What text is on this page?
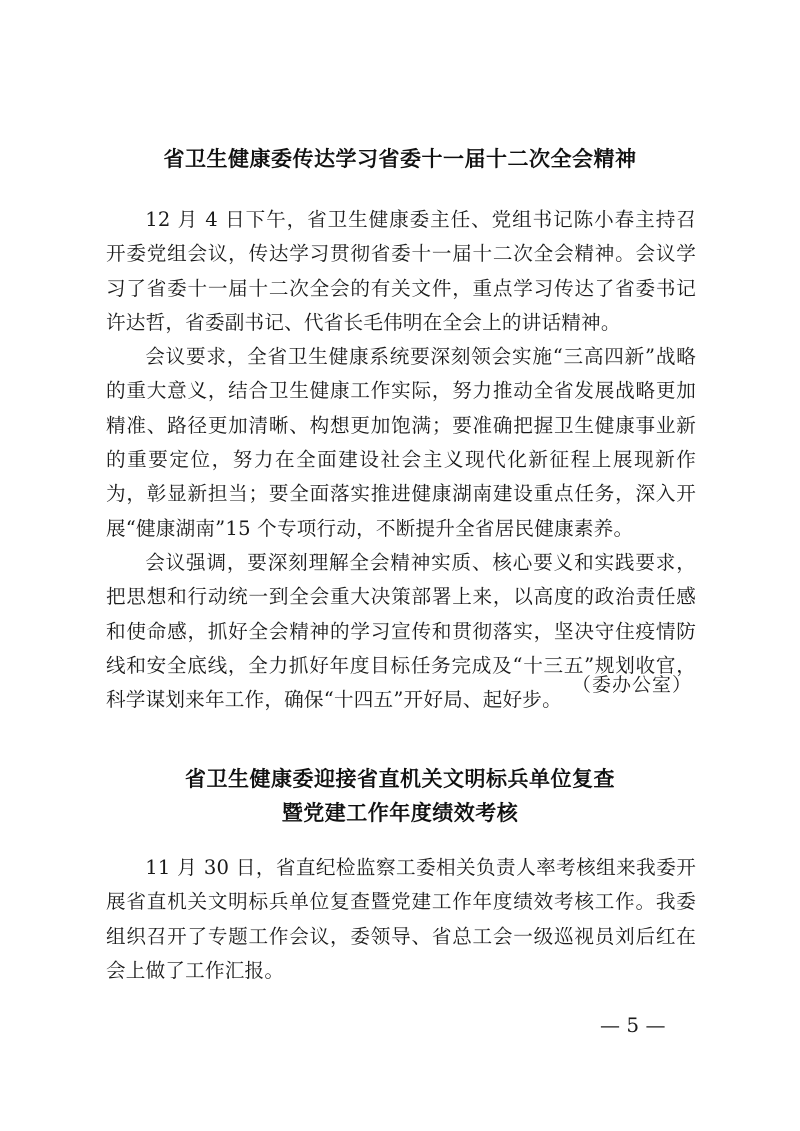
省卫生健康委传达学习省委十一届十二次全会精神

12 月 4 日下午，省卫生健康委主任、党组书记陈小春主持召开委党组会议，传达学习贯彻省委十一届十二次全会精神。会议学习了省委十一届十二次全会的有关文件，重点学习传达了省委书记许达哲，省委副书记、代省长毛伟明在全会上的讲话精神。

会议要求，全省卫生健康系统要深刻领会实施“三高四新”战略的重大意义，结合卫生健康工作实际，努力推动全省发展战略更加精准、路径更加清晰、构想更加饱满；要准确把握卫生健康事业新的重要定位，努力在全面建设社会主义现代化新征程上展现新作为，彰显新担当；要全面落实推进健康湖南建设重点任务，深入开展“健康湖南”15 个专项行动，不断提升全省居民健康素养。

会议强调，要深刻理解全会精神实质、核心要义和实践要求，把思想和行动统一到全会重大决策部署上来，以高度的政治责任感和使命感，抓好全会精神的学习宣传和贯彻落实，坚决守住疫情防线和安全底线，全力抓好年度目标任务完成及“十三五”规划收官，科学谋划来年工作，确保“十四五”开好局、起好步。

（委办公室）
省卫生健康委迎接省直机关文明标兵单位复查
暨党建工作年度绩效考核

11 月 30 日，省直纪检监察工委相关负责人率考核组来我委开展省直机关文明标兵单位复查暨党建工作年度绩效考核工作。我委组织召开了专题工作会议，委领导、省总工会一级巡视员刘后红在会上做了工作汇报。

— 5 —
